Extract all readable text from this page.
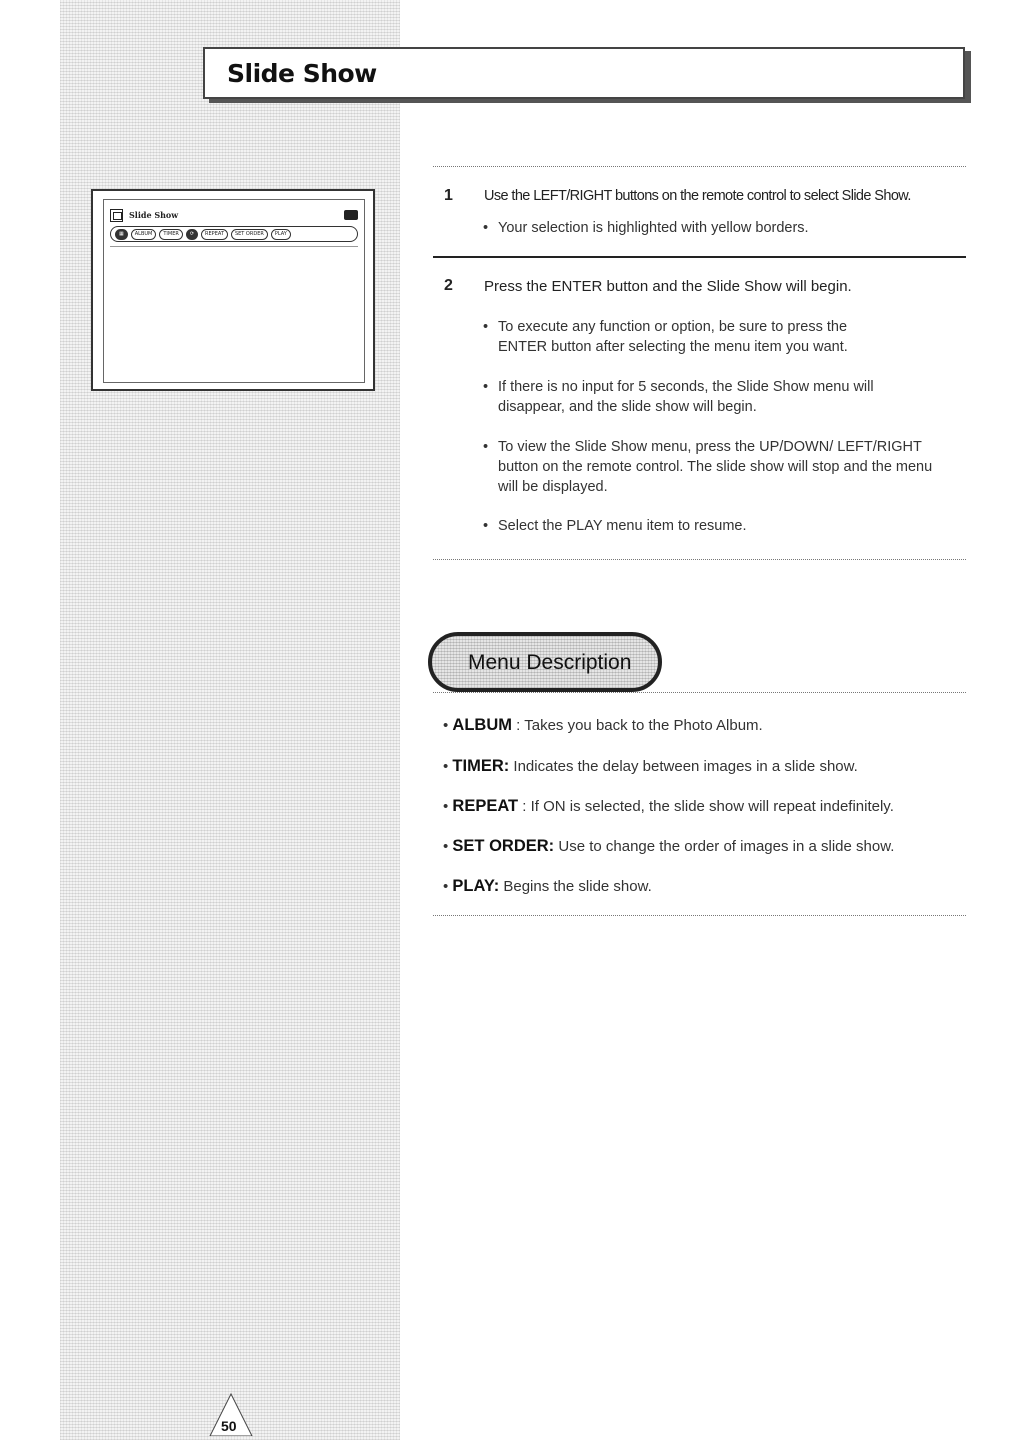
Slide Show
Slide Show
▦	ALBUM	TIMER	⟳	REPEAT	SET ORDER	PLAY
1 Use the LEFT/RIGHT buttons on the remote control to select Slide Show.
• Your selection is highlighted with yellow borders.
2 Press the ENTER button and the Slide Show will begin.
• To execute any function or option, be sure to press the ENTER button after selecting the menu item you want.
• If there is no input for 5 seconds, the Slide Show menu will disappear, and the slide show will begin.
• To view the Slide Show menu, press the UP/DOWN/ LEFT/RIGHT button on the remote control. The slide show will stop and the menu will be displayed.
• Select the PLAY menu item to resume.
Menu Description
• ALBUM : Takes you back to the Photo Album.
• TIMER: Indicates the delay between images in a slide show.
• REPEAT : If ON is selected, the slide show will repeat indefinitely.
• SET ORDER: Use to change the order of images in a slide show.
• PLAY: Begins the slide show.
50
